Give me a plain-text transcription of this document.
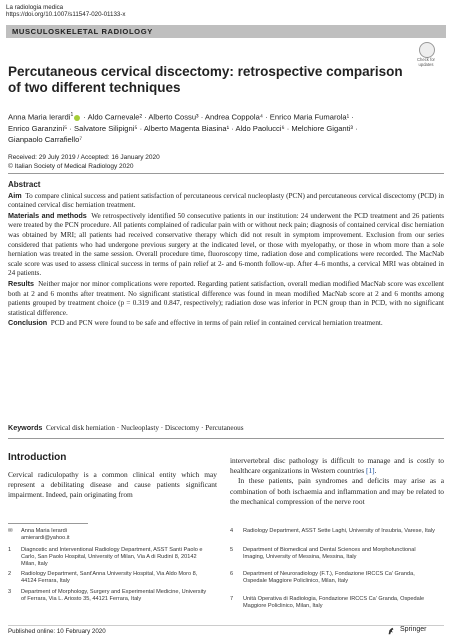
La radiologia medica
https://doi.org/10.1007/s11547-020-01133-x
MUSCULOSKELETAL RADIOLOGY
Check for
updates
Percutaneous cervical discectomy: retrospective comparison of two different techniques
Anna Maria Ierardi$^1$ · Aldo Carnevale² · Alberto Cossu³ · Andrea Coppola⁴ · Enrico Maria Fumarola¹ ·
Enrico Garanzini⁵ · Salvatore Silipigni⁵ · Alberto Magenta Biasina¹ · Aldo Paolucci⁶ · Melchiore Giganti³ ·
Gianpaolo Carrafiello⁷
Received: 29 July 2019 / Accepted: 16 January 2020
© Italian Society of Medical Radiology 2020
Abstract

Aim To compare clinical success and patient satisfaction of percutaneous cervical nucleoplasty (PCN) and percutaneous cervical discectomy (PCD) in contained cervical disc herniation treatment.

Materials and methods We retrospectively identified 50 consecutive patients in our institution: 24 underwent the PCD treatment and 26 patients were treated by the PCN procedure. All patients complained of radicular pain with or without neck pain; diagnosis of contained cervical disc herniation was obtained by MRI; all patients had received conservative therapy which did not result in symptom improvement. Exclusion from our series considered that patients who had undergone previous surgery at the indicated level, or those with myelopathy, or those in whom more than a sole herniation was treated in the same session. Overall procedure time, fluoroscopy time, radiation dose and complications were recorded. The MacNab scale score was used to assess clinical success in terms of pain relief at 2- and 6-month follow-up. After 4–6 months, a cervical MRI was obtained in 24 patients.

Results Neither major nor minor complications were reported. Regarding patient satisfaction, overall median modified MacNab score was excellent both at 2 and 6 months after treatment. No significant statistical difference was found in mean modified MacNab score at 2 and 6 months among patients grouped by treatment choice (p = 0.319 and 0.847, respectively); radiation dose was inferior in PCN group than in PCD, with no significant statistical difference.

Conclusion PCD and PCN were found to be safe and effective in terms of pain relief in contained cervical herniation treatment.

Keywords Cervical disk herniation · Nucleoplasty · Discectomy · Percutaneous
Introduction
Cervical radiculopathy is a common clinical entity which may represent a debilitating disease and cause patients significant impairment. Indeed, pain originating from

intervertebral disc pathology is difficult to manage and is costly to healthcare organizations in Western countries [1].

In these patients, pain syndromes and deficits may arise as a combination of both ischaemia and inflammation and may be related to the mechanical compression of the nerve root

✉ Anna Maria Ierardi
amierardi@yahoo.it
1 Diagnostic and Interventional Radiology Department, ASST Santi Paolo e Carlo, San Paolo Hospital, University of Milan, Via A di Rudinì 8, 20142 Milan, Italy
2 Radiology Department, Sant'Anna University Hospital, Via Aldo Moro 8, 44124 Ferrara, Italy
3 Department of Morphology, Surgery and Experimental Medicine, University of Ferrara, Via L. Ariosto 35, 44121 Ferrara, Italy
4 Radiology Department, ASST Sette Laghi, University of Insubria, Varese, Italy
5 Department of Biomedical and Dental Sciences and Morphofunctional Imaging, University of Messina, Messina, Italy
6 Department of Neuroradiology (F.T.), Fondazione IRCCS Ca' Granda, Ospedale Maggiore Policlinico, Milan, Italy
7 Unità Operativa di Radiologia, Fondazione IRCCS Ca' Granda, Ospedale Maggiore Policlinico, Milan, Italy
Published online: 10 February 2020	Springer
